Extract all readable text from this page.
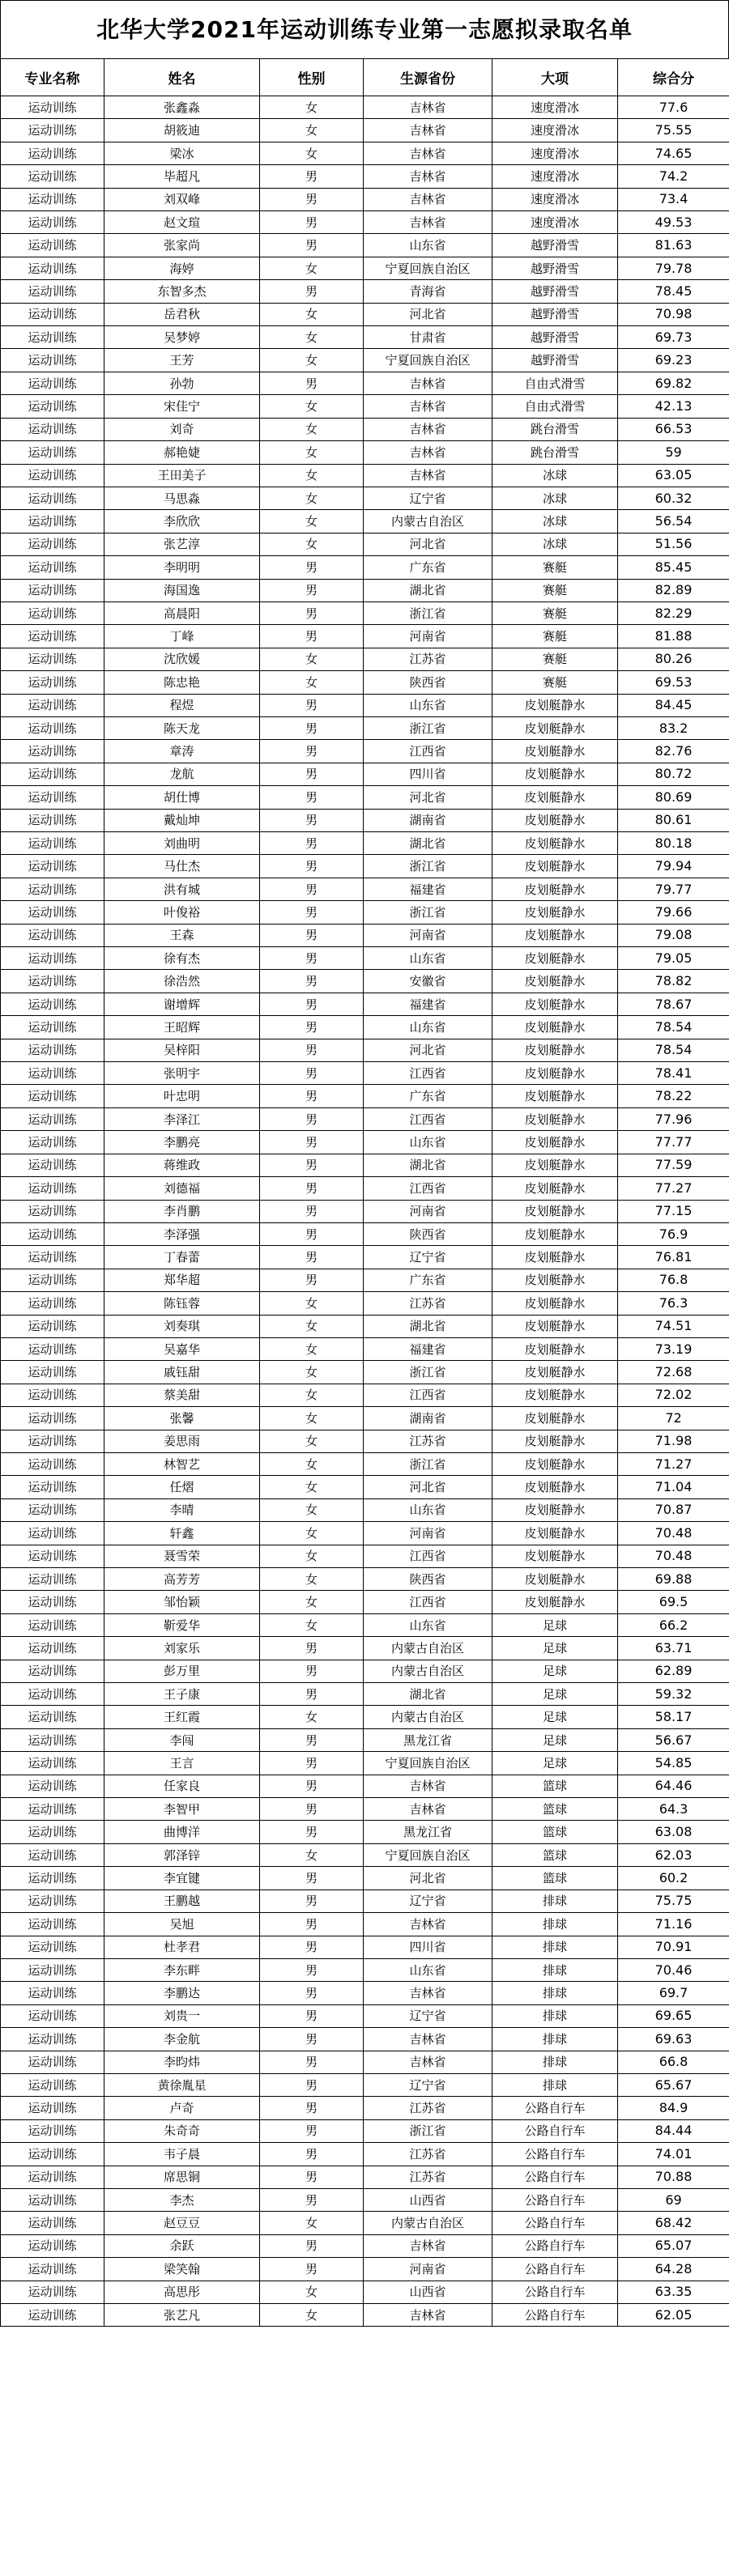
北华大学2021年运动训练专业第一志愿拟录取名单
专业名称	姓名	性别	生源省份	大项	综合分
运动训练	张鑫淼	女	吉林省	速度滑冰	77.6
运动训练	胡筱迪	女	吉林省	速度滑冰	75.55
运动训练	梁冰	女	吉林省	速度滑冰	74.65
运动训练	毕超凡	男	吉林省	速度滑冰	74.2
运动训练	刘双峰	男	吉林省	速度滑冰	73.4
运动训练	赵文瑄	男	吉林省	速度滑冰	49.53
运动训练	张家尚	男	山东省	越野滑雪	81.63
运动训练	海婷	女	宁夏回族自治区	越野滑雪	79.78
运动训练	东智多杰	男	青海省	越野滑雪	78.45
运动训练	岳君秋	女	河北省	越野滑雪	70.98
运动训练	吴梦婷	女	甘肃省	越野滑雪	69.73
运动训练	王芳	女	宁夏回族自治区	越野滑雪	69.23
运动训练	孙勃	男	吉林省	自由式滑雪	69.82
运动训练	宋佳宁	女	吉林省	自由式滑雪	42.13
运动训练	刘奇	女	吉林省	跳台滑雪	66.53
运动训练	郝艳婕	女	吉林省	跳台滑雪	59
运动训练	王田美子	女	吉林省	冰球	63.05
运动训练	马思淼	女	辽宁省	冰球	60.32
运动训练	李欣欣	女	内蒙古自治区	冰球	56.54
运动训练	张艺淳	女	河北省	冰球	51.56
运动训练	李明明	男	广东省	赛艇	85.45
运动训练	海国逸	男	湖北省	赛艇	82.89
运动训练	高晨阳	男	浙江省	赛艇	82.29
运动训练	丁峰	男	河南省	赛艇	81.88
运动训练	沈欣媛	女	江苏省	赛艇	80.26
运动训练	陈忠艳	女	陕西省	赛艇	69.53
运动训练	程煜	男	山东省	皮划艇静水	84.45
运动训练	陈天龙	男	浙江省	皮划艇静水	83.2
运动训练	章涛	男	江西省	皮划艇静水	82.76
运动训练	龙航	男	四川省	皮划艇静水	80.72
运动训练	胡仕博	男	河北省	皮划艇静水	80.69
运动训练	戴灿坤	男	湖南省	皮划艇静水	80.61
运动训练	刘曲明	男	湖北省	皮划艇静水	80.18
运动训练	马仕杰	男	浙江省	皮划艇静水	79.94
运动训练	洪有城	男	福建省	皮划艇静水	79.77
运动训练	叶俊裕	男	浙江省	皮划艇静水	79.66
运动训练	王森	男	河南省	皮划艇静水	79.08
运动训练	徐有杰	男	山东省	皮划艇静水	79.05
运动训练	徐浩然	男	安徽省	皮划艇静水	78.82
运动训练	谢增辉	男	福建省	皮划艇静水	78.67
运动训练	王昭辉	男	山东省	皮划艇静水	78.54
运动训练	吴梓阳	男	河北省	皮划艇静水	78.54
运动训练	张明宇	男	江西省	皮划艇静水	78.41
运动训练	叶忠明	男	广东省	皮划艇静水	78.22
运动训练	李泽江	男	江西省	皮划艇静水	77.96
运动训练	李鹏亮	男	山东省	皮划艇静水	77.77
运动训练	蒋维政	男	湖北省	皮划艇静水	77.59
运动训练	刘德福	男	江西省	皮划艇静水	77.27
运动训练	李肖鹏	男	河南省	皮划艇静水	77.15
运动训练	李泽强	男	陕西省	皮划艇静水	76.9
运动训练	丁春蕾	男	辽宁省	皮划艇静水	76.81
运动训练	郑华超	男	广东省	皮划艇静水	76.8
运动训练	陈钰蓉	女	江苏省	皮划艇静水	76.3
运动训练	刘奏琪	女	湖北省	皮划艇静水	74.51
运动训练	吴嘉华	女	福建省	皮划艇静水	73.19
运动训练	戚钰甜	女	浙江省	皮划艇静水	72.68
运动训练	蔡美甜	女	江西省	皮划艇静水	72.02
运动训练	张馨	女	湖南省	皮划艇静水	72
运动训练	姜思雨	女	江苏省	皮划艇静水	71.98
运动训练	林智艺	女	浙江省	皮划艇静水	71.27
运动训练	任熠	女	河北省	皮划艇静水	71.04
运动训练	李晴	女	山东省	皮划艇静水	70.87
运动训练	轩鑫	女	河南省	皮划艇静水	70.48
运动训练	聂雪荣	女	江西省	皮划艇静水	70.48
运动训练	高芳芳	女	陕西省	皮划艇静水	69.88
运动训练	邹怡颖	女	江西省	皮划艇静水	69.5
运动训练	靳爱华	女	山东省	足球	66.2
运动训练	刘家乐	男	内蒙古自治区	足球	63.71
运动训练	彭万里	男	内蒙古自治区	足球	62.89
运动训练	王子康	男	湖北省	足球	59.32
运动训练	王红霞	女	内蒙古自治区	足球	58.17
运动训练	李闯	男	黑龙江省	足球	56.67
运动训练	王言	男	宁夏回族自治区	足球	54.85
运动训练	任家良	男	吉林省	篮球	64.46
运动训练	李智甲	男	吉林省	篮球	64.3
运动训练	曲博洋	男	黑龙江省	篮球	63.08
运动训练	郭泽锌	女	宁夏回族自治区	篮球	62.03
运动训练	李宜键	男	河北省	篮球	60.2
运动训练	王鹏越	男	辽宁省	排球	75.75
运动训练	吴旭	男	吉林省	排球	71.16
运动训练	杜孝君	男	四川省	排球	70.91
运动训练	李东畔	男	山东省	排球	70.46
运动训练	李鹏达	男	吉林省	排球	69.7
运动训练	刘贵一	男	辽宁省	排球	69.65
运动训练	李金航	男	吉林省	排球	69.63
运动训练	李昀炜	男	吉林省	排球	66.8
运动训练	黄徐胤星	男	辽宁省	排球	65.67
运动训练	卢奇	男	江苏省	公路自行车	84.9
运动训练	朱奇奇	男	浙江省	公路自行车	84.44
运动训练	韦子晨	男	江苏省	公路自行车	74.01
运动训练	席思铜	男	江苏省	公路自行车	70.88
运动训练	李杰	男	山西省	公路自行车	69
运动训练	赵豆豆	女	内蒙古自治区	公路自行车	68.42
运动训练	余跃	男	吉林省	公路自行车	65.07
运动训练	梁笑翰	男	河南省	公路自行车	64.28
运动训练	高思彤	女	山西省	公路自行车	63.35
运动训练	张艺凡	女	吉林省	公路自行车	62.05
